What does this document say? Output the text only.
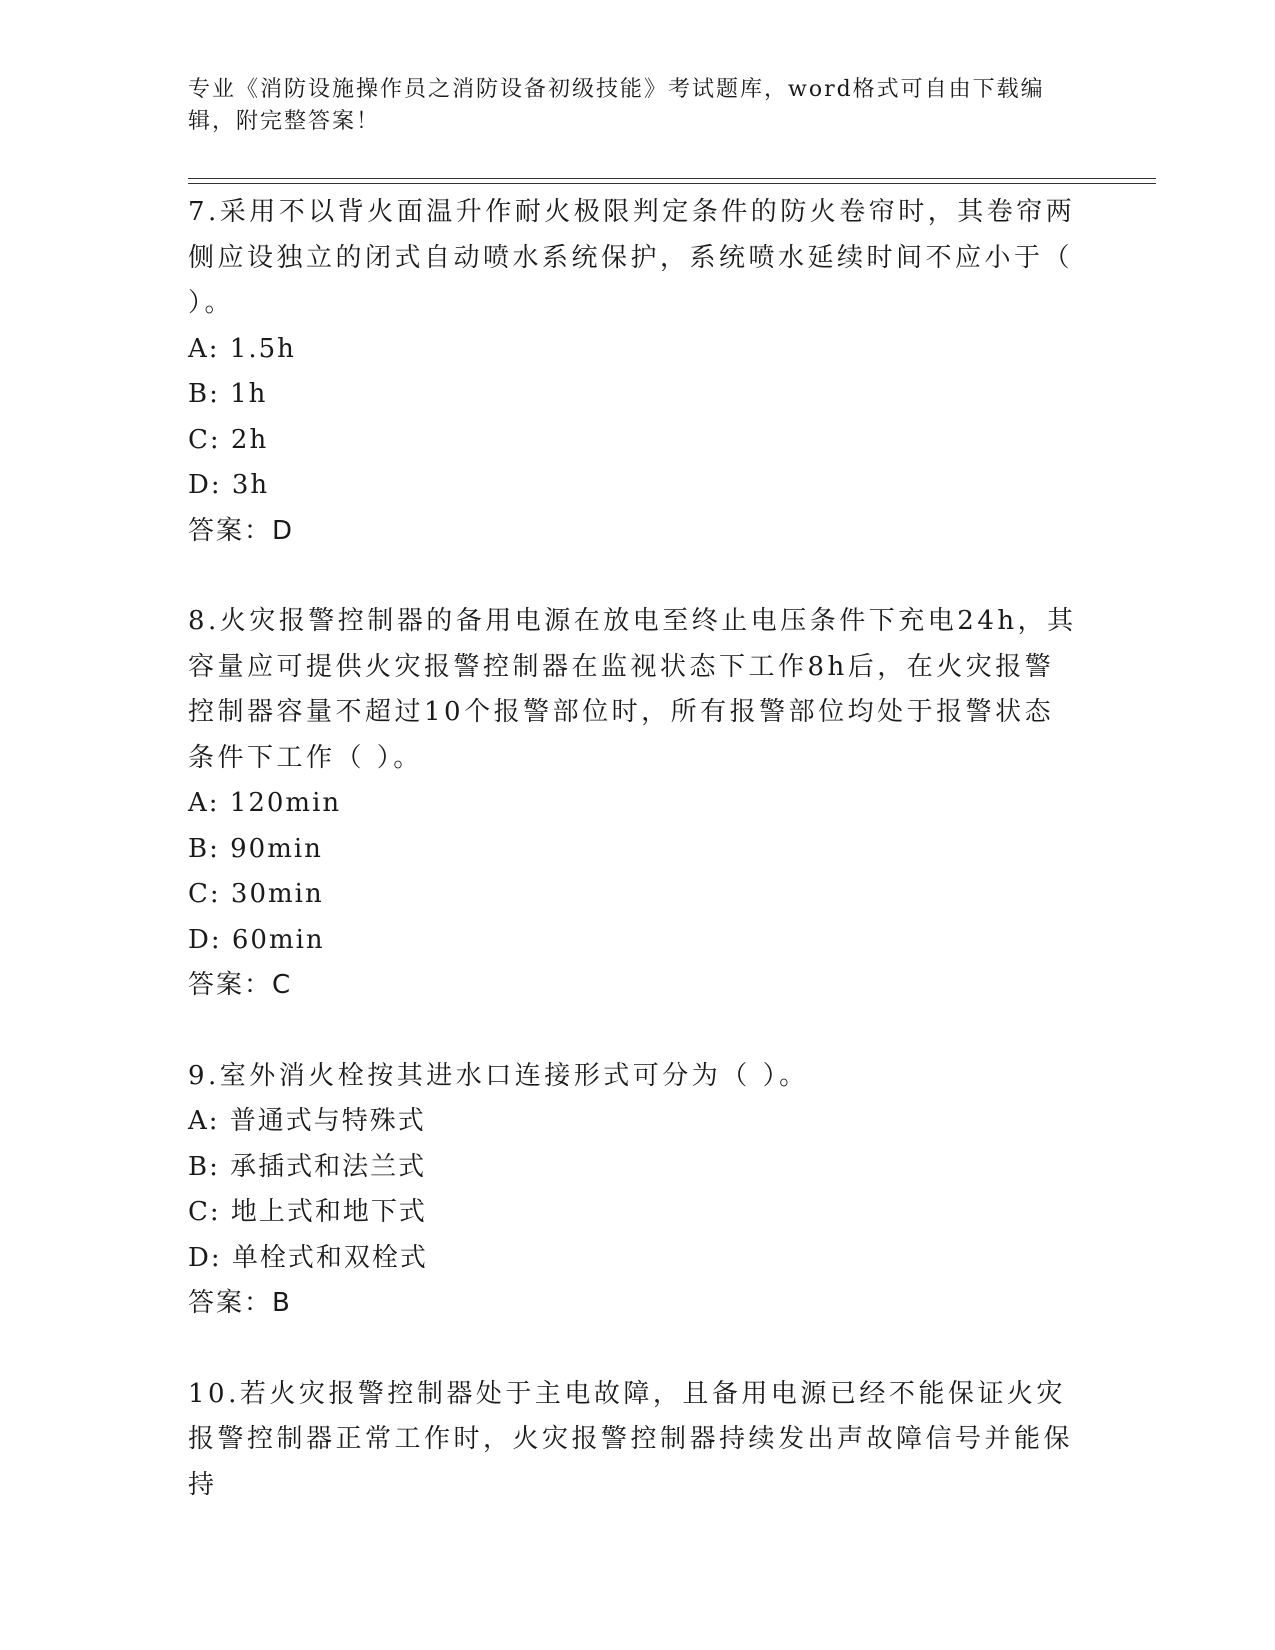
专业《消防设施操作员之消防设备初级技能》考试题库，word格式可自由下载编辑，附完整答案！

7.采用不以背火面温升作耐火极限判定条件的防火卷帘时，其卷帘两侧应设独立的闭式自动喷水系统保护，系统喷水延续时间不应小于（ ）。

A: 1.5h

B: 1h

C: 2h

D: 3h

答案：D

8.火灾报警控制器的备用电源在放电至终止电压条件下充电24h，其容量应可提供火灾报警控制器在监视状态下工作8h后，在火灾报警控制器容量不超过10个报警部位时，所有报警部位均处于报警状态条件下工作（ ）。

A: 120min

B: 90min

C: 30min

D: 60min

答案：C

9.室外消火栓按其进水口连接形式可分为（ ）。

A: 普通式与特殊式

B: 承插式和法兰式

C: 地上式和地下式

D: 单栓式和双栓式

答案：B

10.若火灾报警控制器处于主电故障，且备用电源已经不能保证火灾报警控制器正常工作时，火灾报警控制器持续发出声故障信号并能保持
